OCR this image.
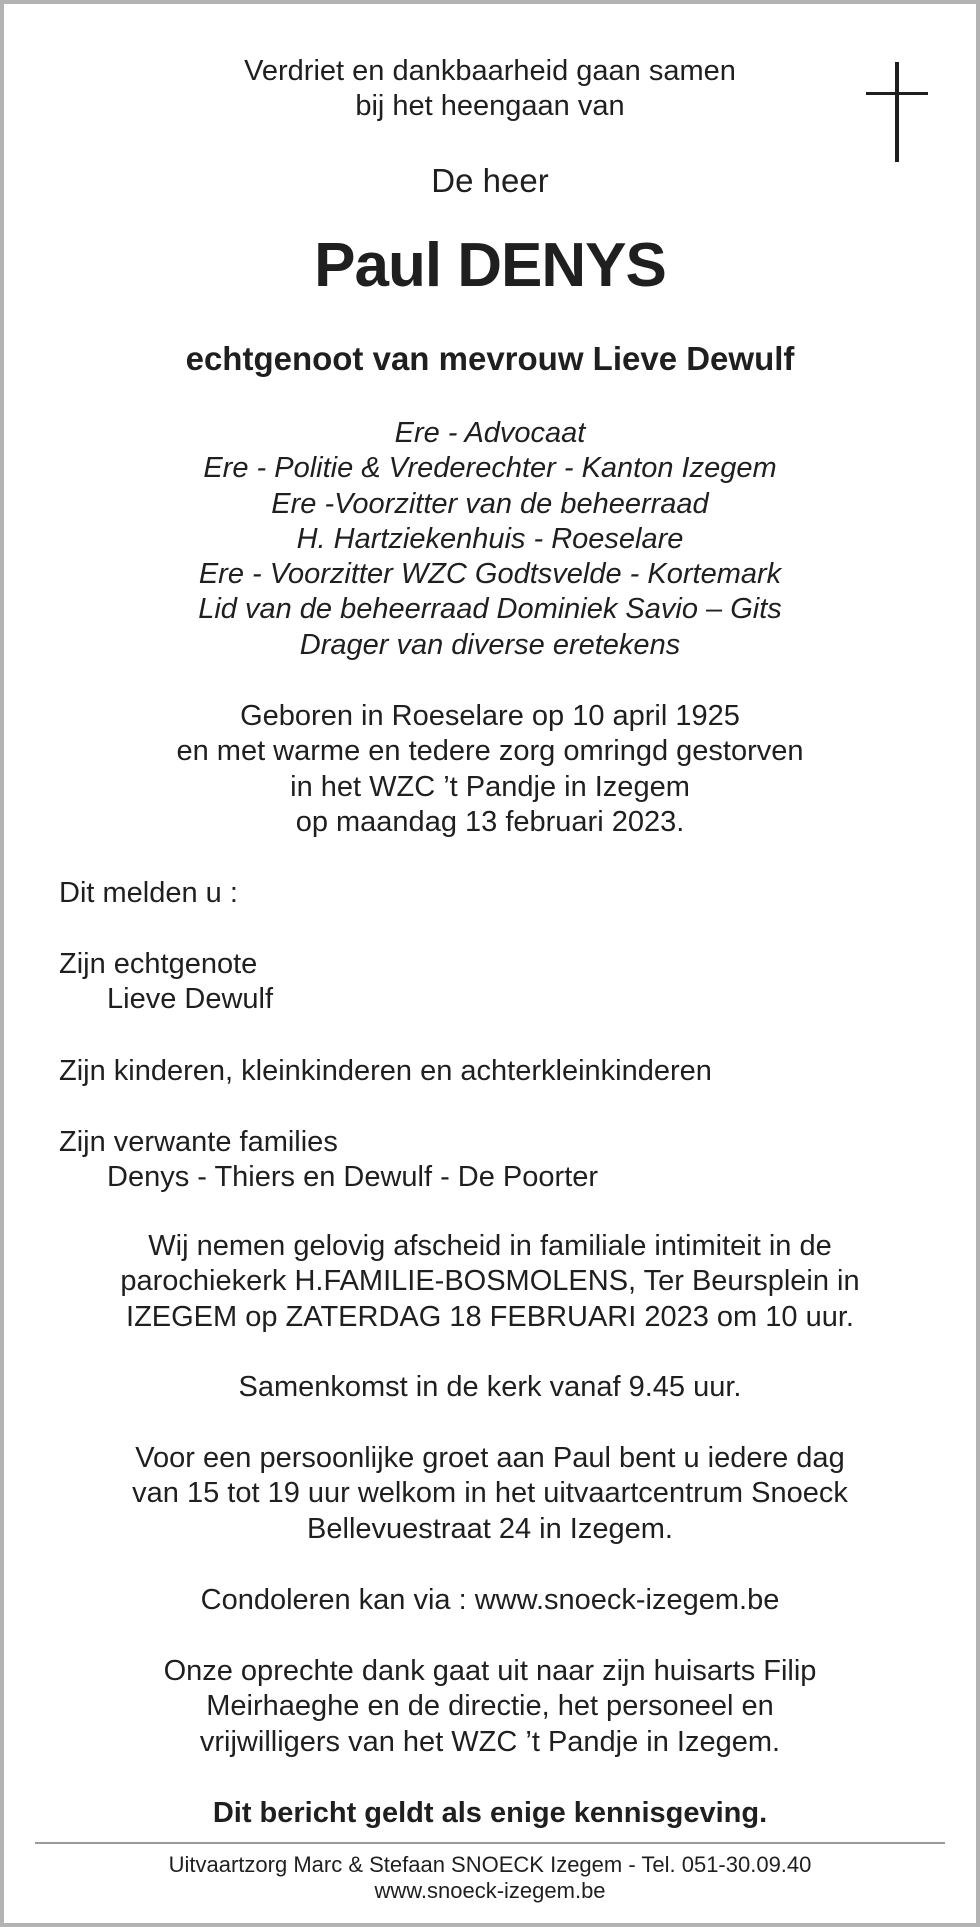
Verdriet en dankbaarheid gaan samen
bij het heengaan van
De heer
Paul DENYS
echtgenoot van mevrouw Lieve Dewulf
Ere - Advocaat
Ere - Politie & Vrederechter - Kanton Izegem
Ere -Voorzitter van de beheerraad
H. Hartziekenhuis - Roeselare
Ere - Voorzitter WZC Godtsvelde - Kortemark
Lid van de beheerraad Dominiek Savio – Gits
Drager van diverse eretekens
Geboren in Roeselare op 10 april 1925
en met warme en tedere zorg omringd gestorven
in het WZC ’t Pandje in Izegem
op maandag 13 februari 2023.
Dit melden u :
Zijn echtgenote
Lieve Dewulf
Zijn kinderen, kleinkinderen en achterkleinkinderen
Zijn verwante families
Denys - Thiers en Dewulf - De Poorter
Wij nemen gelovig afscheid in familiale intimiteit in de
parochiekerk H.FAMILIE-BOSMOLENS, Ter Beursplein in
IZEGEM op ZATERDAG 18 FEBRUARI 2023 om 10 uur.
Samenkomst in de kerk vanaf 9.45 uur.
Voor een persoonlijke groet aan Paul bent u iedere dag
van 15 tot 19 uur welkom in het uitvaartcentrum Snoeck
Bellevuestraat 24 in Izegem.
Condoleren kan via : www.snoeck-izegem.be
Onze oprechte dank gaat uit naar zijn huisarts Filip
Meirhaeghe en de directie, het personeel en
vrijwilligers van het WZC ’t Pandje in Izegem.
Dit bericht geldt als enige kennisgeving.
Uitvaartzorg Marc & Stefaan SNOECK Izegem - Tel. 051-30.09.40
www.snoeck-izegem.be
